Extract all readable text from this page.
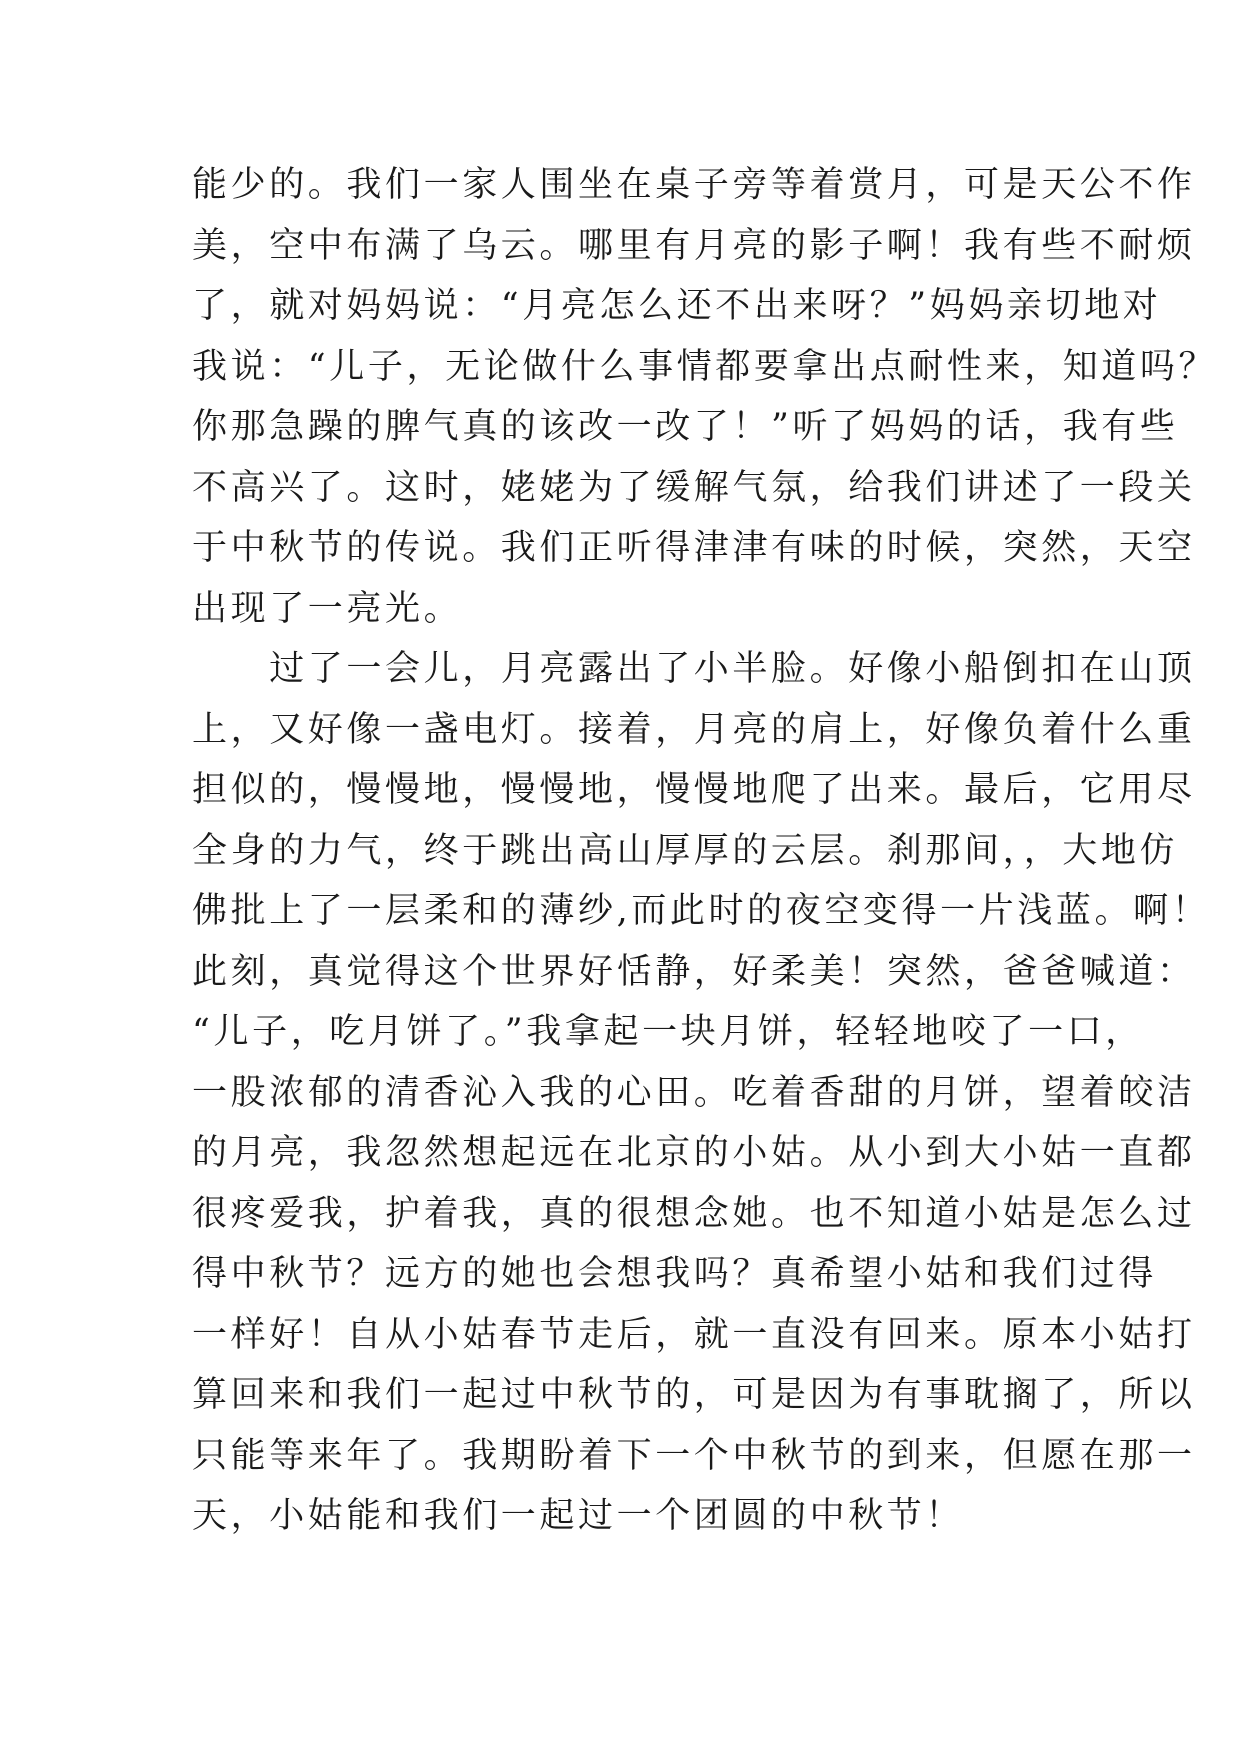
能少的。我们一家人围坐在桌子旁等着赏月，可是天公不作
美，空中布满了乌云。哪里有月亮的影子啊！我有些不耐烦
了，就对妈妈说：“月亮怎么还不出来呀？”妈妈亲切地对
我说：“儿子，无论做什么事情都要拿出点耐性来，知道吗？
你那急躁的脾气真的该改一改了！”听了妈妈的话，我有些
不高兴了。这时，姥姥为了缓解气氛，给我们讲述了一段关
于中秋节的传说。我们正听得津津有味的时候，突然，天空
出现了一亮光。
　　过了一会儿，月亮露出了小半脸。好像小船倒扣在山顶
上，又好像一盏电灯。接着，月亮的肩上，好像负着什么重
担似的，慢慢地，慢慢地，慢慢地爬了出来。最后，它用尽
全身的力气，终于跳出高山厚厚的云层。刹那间，，大地仿
佛批上了一层柔和的薄纱,而此时的夜空变得一片浅蓝。啊！
此刻，真觉得这个世界好恬静，好柔美！突然，爸爸喊道：
“儿子，吃月饼了。”我拿起一块月饼，轻轻地咬了一口，
一股浓郁的清香沁入我的心田。吃着香甜的月饼，望着皎洁
的月亮，我忽然想起远在北京的小姑。从小到大小姑一直都
很疼爱我，护着我，真的很想念她。也不知道小姑是怎么过
得中秋节？远方的她也会想我吗？真希望小姑和我们过得
一样好！自从小姑春节走后，就一直没有回来。原本小姑打
算回来和我们一起过中秋节的，可是因为有事耽搁了，所以
只能等来年了。我期盼着下一个中秋节的到来，但愿在那一
天，小姑能和我们一起过一个团圆的中秋节！
